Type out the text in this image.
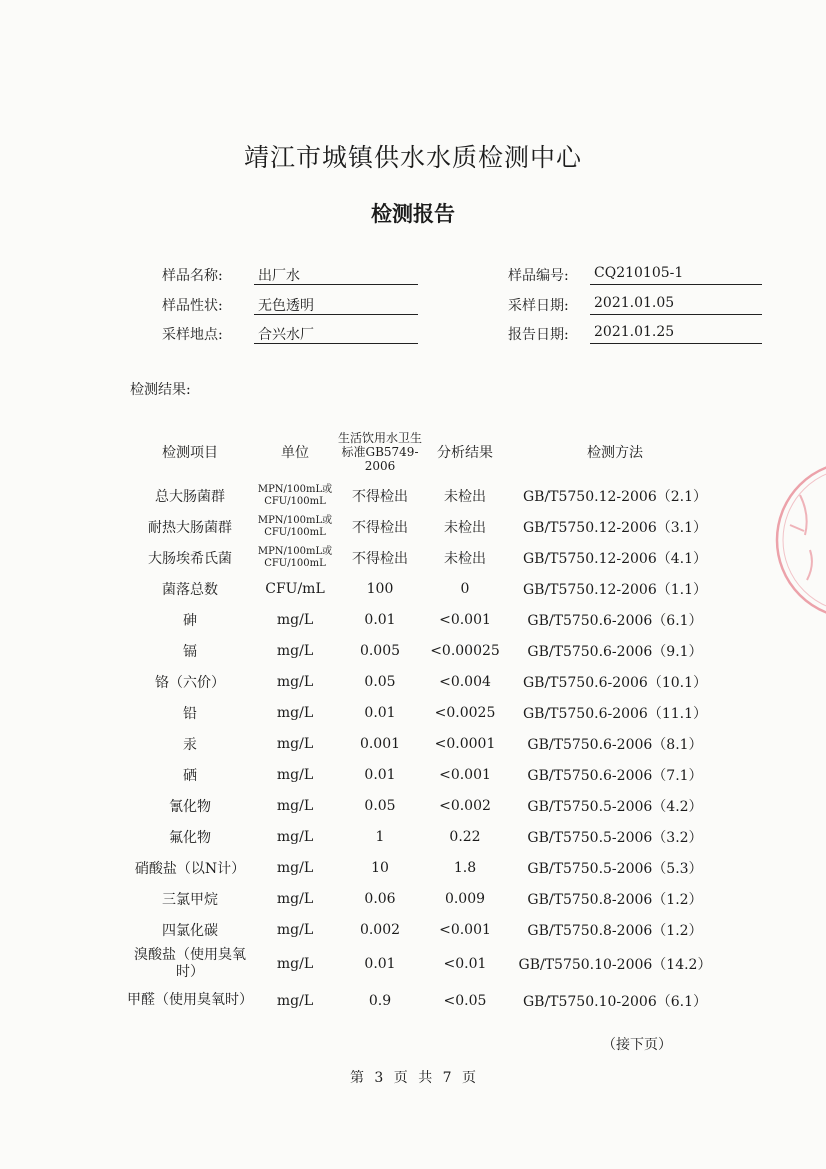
靖江市城镇供水水质检测中心
检测报告
样品名称:	出厂水
样品性状:	无色透明
采样地点:	合兴水厂
样品编号: CQ210105-1
采样日期: 2021.01.05
报告日期: 2021.01.25
检测结果:
检测项目	单位	生活饮用水卫生标准GB5749-2006	分析结果	检测方法
总大肠菌群	MPN/100mL或CFU/100mL	不得检出	未检出	GB/T5750.12-2006（2.1）
耐热大肠菌群	MPN/100mL或CFU/100mL	不得检出	未检出	GB/T5750.12-2006（3.1）
大肠埃希氏菌	MPN/100mL或CFU/100mL	不得检出	未检出	GB/T5750.12-2006（4.1）
菌落总数	CFU/mL	100	0	GB/T5750.12-2006（1.1）
砷	mg/L	0.01	<0.001	GB/T5750.6-2006（6.1）
镉	mg/L	0.005	<0.00025	GB/T5750.6-2006（9.1）
铬（六价）	mg/L	0.05	<0.004	GB/T5750.6-2006（10.1）
铅	mg/L	0.01	<0.0025	GB/T5750.6-2006（11.1）
汞	mg/L	0.001	<0.0001	GB/T5750.6-2006（8.1）
硒	mg/L	0.01	<0.001	GB/T5750.6-2006（7.1）
氰化物	mg/L	0.05	<0.002	GB/T5750.5-2006（4.2）
氟化物	mg/L	1	0.22	GB/T5750.5-2006（3.2）
硝酸盐（以N计）	mg/L	10	1.8	GB/T5750.5-2006（5.3）
三氯甲烷	mg/L	0.06	0.009	GB/T5750.8-2006（1.2）
四氯化碳	mg/L	0.002	<0.001	GB/T5750.8-2006（1.2）
溴酸盐（使用臭氧时）	mg/L	0.01	<0.01	GB/T5750.10-2006（14.2）
甲醛（使用臭氧时）	mg/L	0.9	<0.05	GB/T5750.10-2006（6.1）
（接下页）
第 3 页 共 7 页
